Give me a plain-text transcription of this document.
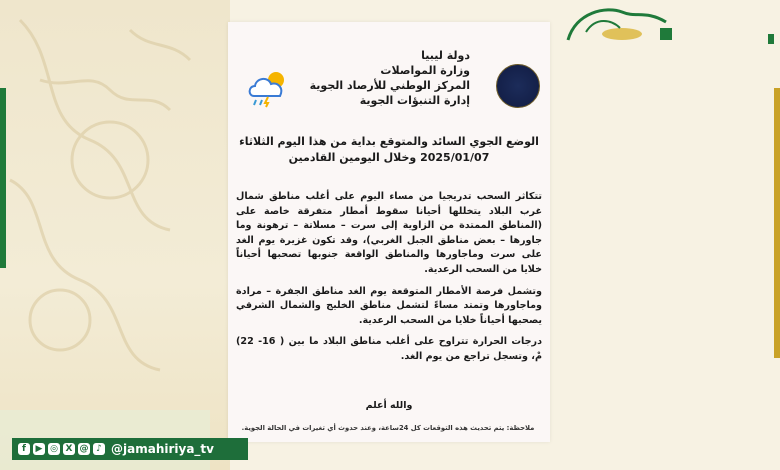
دولة ليبيا
وزارة المواصلات
المركز الوطني للأرصاد الجوية
إدارة التنبؤات الجوية
الوضع الجوي السائد والمتوقع بداية من هذا اليوم الثلاثاء
2025/01/07 وخلال اليومين القادمين

تتكاثر السحب تدريجيا من مساء اليوم على أغلب مناطق شمال غرب البلاد يتخللها أحيانا سقوط أمطار متفرقة خاصة على (المناطق الممتدة من الزاوية إلى سرت – مسلاتة – ترهونة وما جاورها – بعض مناطق الجبل الغربي)، وقد تكون غزيرة يوم الغد على سرت وماجاورها والمناطق الواقعة جنوبها تصحبها أحياناً خلايا من السحب الرعدية.

وتشمل فرصة الأمطار المتوقعة يوم الغد مناطق الجفرة – مرادة وماجاورها وتمتد مساءً لتشمل مناطق الخليج والشمال الشرقي يصحبها أحياناً خلايا من السحب الرعدية.

درجات الحرارة تتراوح على أغلب مناطق البلاد ما بين ( 16- 22) مْ، وتسجل تراجع من يوم الغد.

والله أعلم
ملاحظة: يتم تحديث هذه التوقعات كل 24ساعة، وعند حدوث أي تغيرات في الحالة الجوية.
f	▶ ◎ X @ ♪ @jamahiriya_tv
